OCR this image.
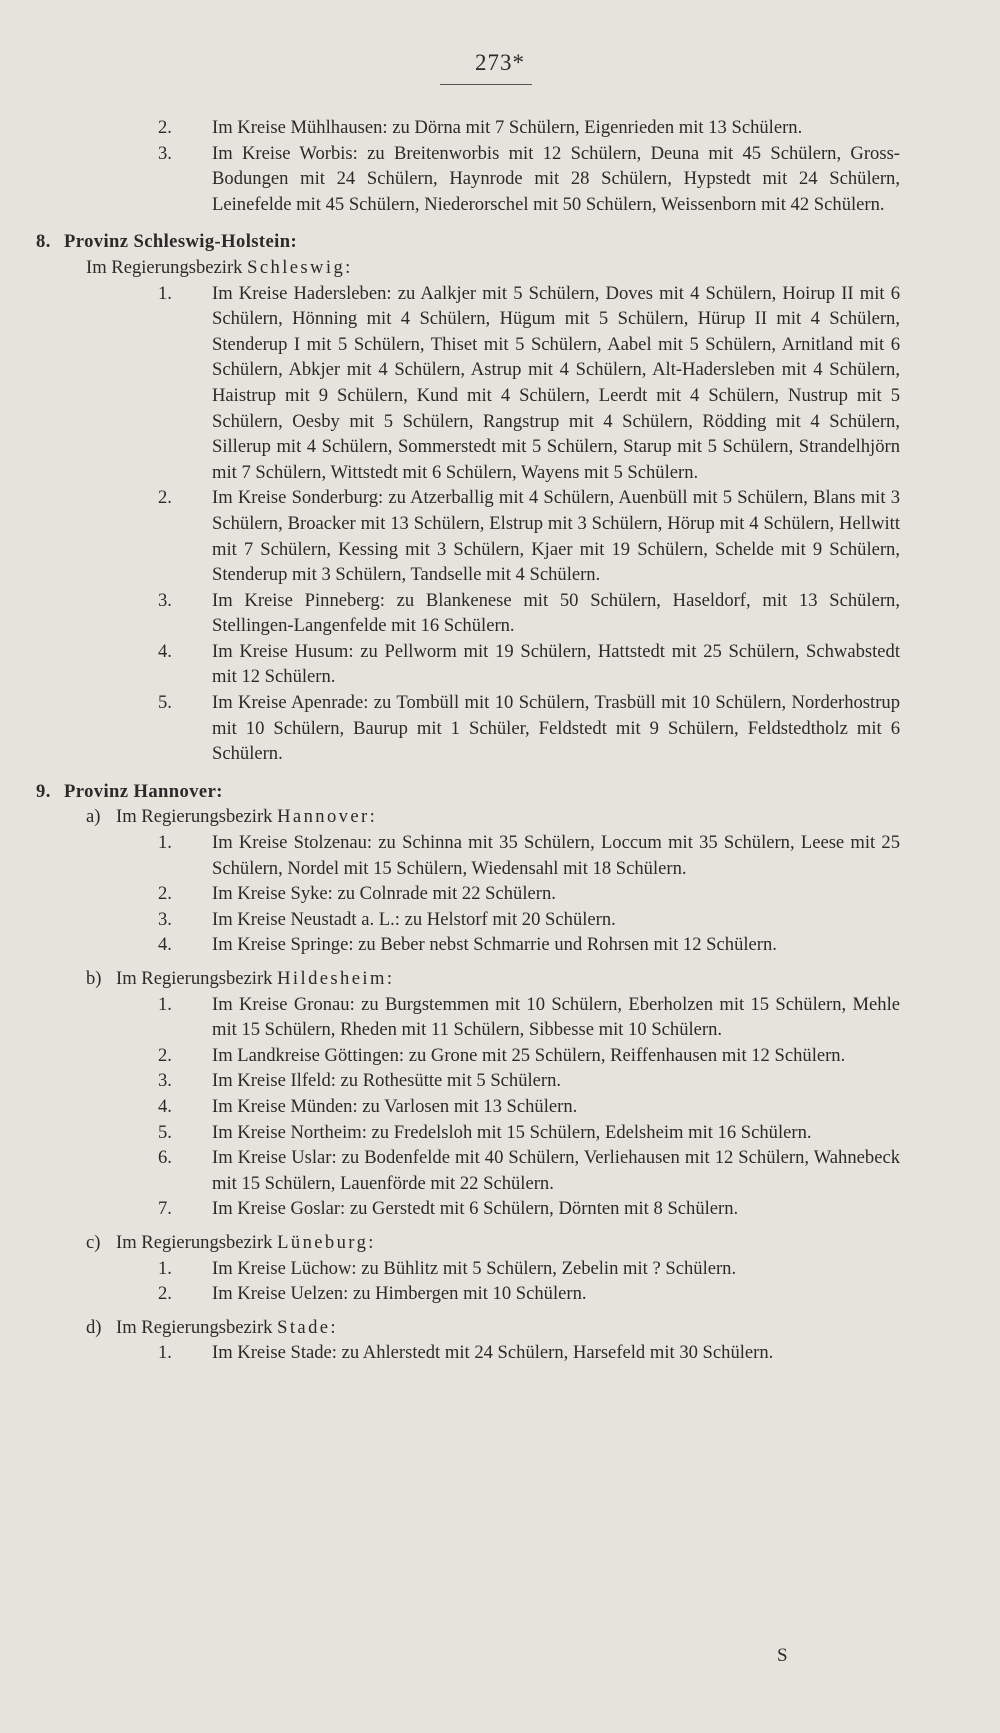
273*
2.	Im Kreise Mühlhausen: zu Dörna mit 7 Schülern, Eigenrieden mit 13 Schülern.
3.	Im Kreise Worbis: zu Breitenworbis mit 12 Schülern, Deuna mit 45 Schülern, Gross-Bodungen mit 24 Schülern, Haynrode mit 28 Schülern, Hypstedt mit 24 Schülern, Leinefelde mit 45 Schülern, Niederorschel mit 50 Schülern, Weissenborn mit 42 Schülern.
8. Provinz Schleswig-Holstein:
Im Regierungsbezirk Schleswig:
1.	Im Kreise Hadersleben: zu Aalkjer mit 5 Schülern, Doves mit 4 Schülern, Hoirup II mit 6 Schülern, Hönning mit 4 Schülern, Hügum mit 5 Schülern, Hürup II mit 4 Schülern, Stenderup I mit 5 Schülern, Thiset mit 5 Schülern, Aabel mit 5 Schülern, Arnitland mit 6 Schülern, Abkjer mit 4 Schülern, Astrup mit 4 Schülern, Alt-Hadersleben mit 4 Schülern, Haistrup mit 9 Schülern, Kund mit 4 Schülern, Leerdt mit 4 Schülern, Nustrup mit 5 Schülern, Oesby mit 5 Schülern, Rangstrup mit 4 Schülern, Rödding mit 4 Schülern, Sillerup mit 4 Schülern, Sommerstedt mit 5 Schülern, Starup mit 5 Schülern, Strandelhjörn mit 7 Schülern, Wittstedt mit 6 Schülern, Wayens mit 5 Schülern.
2.	Im Kreise Sonderburg: zu Atzerballig mit 4 Schülern, Auenbüll mit 5 Schülern, Blans mit 3 Schülern, Broacker mit 13 Schülern, Elstrup mit 3 Schülern, Hörup mit 4 Schülern, Hellwitt mit 7 Schülern, Kessing mit 3 Schülern, Kjaer mit 19 Schülern, Schelde mit 9 Schülern, Stenderup mit 3 Schülern, Tandselle mit 4 Schülern.
3.	Im Kreise Pinneberg: zu Blankenese mit 50 Schülern, Haseldorf, mit 13 Schülern, Stellingen-Langenfelde mit 16 Schülern.
4.	Im Kreise Husum: zu Pellworm mit 19 Schülern, Hattstedt mit 25 Schülern, Schwabstedt mit 12 Schülern.
5.	Im Kreise Apenrade: zu Tombüll mit 10 Schülern, Trasbüll mit 10 Schülern, Norderhostrup mit 10 Schülern, Baurup mit 1 Schüler, Feldstedt mit 9 Schülern, Feldstedtholz mit 6 Schülern.
9. Provinz Hannover:
a) Im Regierungsbezirk Hannover:
1.	Im Kreise Stolzenau: zu Schinna mit 35 Schülern, Loccum mit 35 Schülern, Leese mit 25 Schülern, Nordel mit 15 Schülern, Wiedensahl mit 18 Schülern.
2.	Im Kreise Syke: zu Colnrade mit 22 Schülern.
3.	Im Kreise Neustadt a. L.: zu Helstorf mit 20 Schülern.
4.	Im Kreise Springe: zu Beber nebst Schmarrie und Rohrsen mit 12 Schülern.
b) Im Regierungsbezirk Hildesheim:
1.	Im Kreise Gronau: zu Burgstemmen mit 10 Schülern, Eberholzen mit 15 Schülern, Mehle mit 15 Schülern, Rheden mit 11 Schülern, Sibbesse mit 10 Schülern.
2.	Im Landkreise Göttingen: zu Grone mit 25 Schülern, Reiffenhausen mit 12 Schülern.
3.	Im Kreise Ilfeld: zu Rothesütte mit 5 Schülern.
4.	Im Kreise Münden: zu Varlosen mit 13 Schülern.
5.	Im Kreise Northeim: zu Fredelsloh mit 15 Schülern, Edelsheim mit 16 Schülern.
6.	Im Kreise Uslar: zu Bodenfelde mit 40 Schülern, Verliehausen mit 12 Schülern, Wahnebeck mit 15 Schülern, Lauenförde mit 22 Schülern.
7.	Im Kreise Goslar: zu Gerstedt mit 6 Schülern, Dörnten mit 8 Schülern.
c) Im Regierungsbezirk Lüneburg:
1.	Im Kreise Lüchow: zu Bühlitz mit 5 Schülern, Zebelin mit ? Schülern.
2.	Im Kreise Uelzen: zu Himbergen mit 10 Schülern.
d) Im Regierungsbezirk Stade:
1.	Im Kreise Stade: zu Ahlerstedt mit 24 Schülern, Harsefeld mit 30 Schülern.
S
